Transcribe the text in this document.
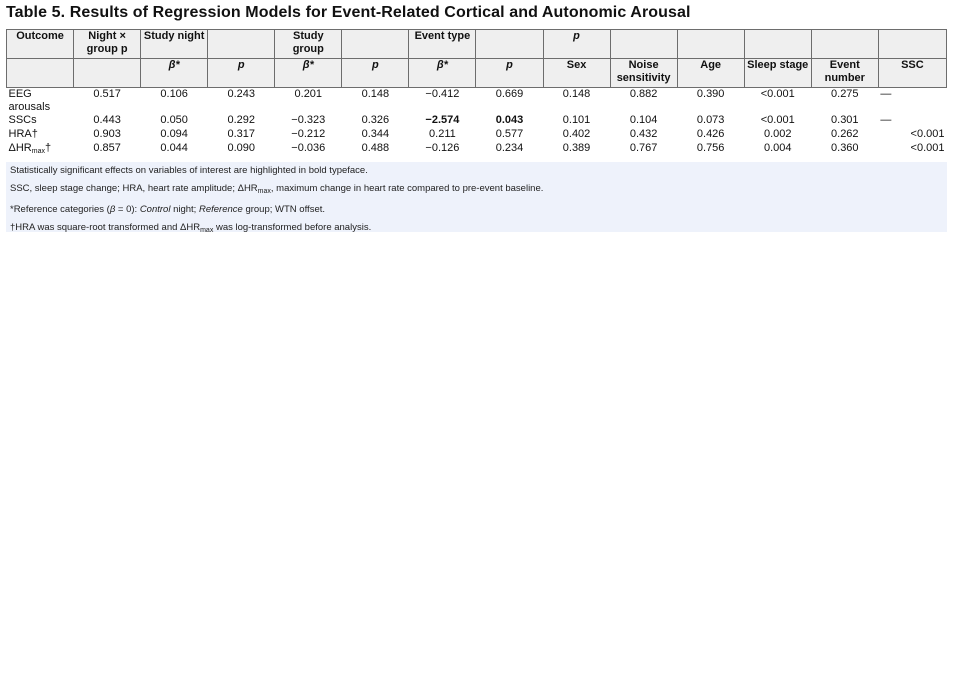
Table 5. Results of Regression Models for Event-Related Cortical and Autonomic Arousal
Outcome	Night × group p	Study night		Study group		Event type		p					
		β*	p	β*	p	β*	p	Sex	Noise sensitivity	Age	Sleep stage	Event number	SSC
EEG arousals	0.517	0.106	0.243	0.201	0.148	−0.412	0.669	0.148	0.882	0.390	<0.001	0.275	—
SSCs	0.443	0.050	0.292	−0.323	0.326	−2.574	0.043	0.101	0.104	0.073	<0.001	0.301	—
HRA†	0.903	0.094	0.317	−0.212	0.344	0.211	0.577	0.402	0.432	0.426	0.002	0.262	<0.001
$\Delta HR_{max}\dagger$	0.857	0.044	0.090	−0.036	0.488	−0.126	0.234	0.389	0.767	0.756	0.004	0.360	<0.001
Statistically significant effects on variables of interest are highlighted in bold typeface.
SSC, sleep stage change; HRA, heart rate amplitude; $\Delta HR_{max}$, maximum change in heart rate compared to pre-event baseline.
*Reference categories (β = 0): Control night; Reference group; WTN offset.
†HRA was square-root transformed and $\Delta HR_{max}$ was log-transformed before analysis.
